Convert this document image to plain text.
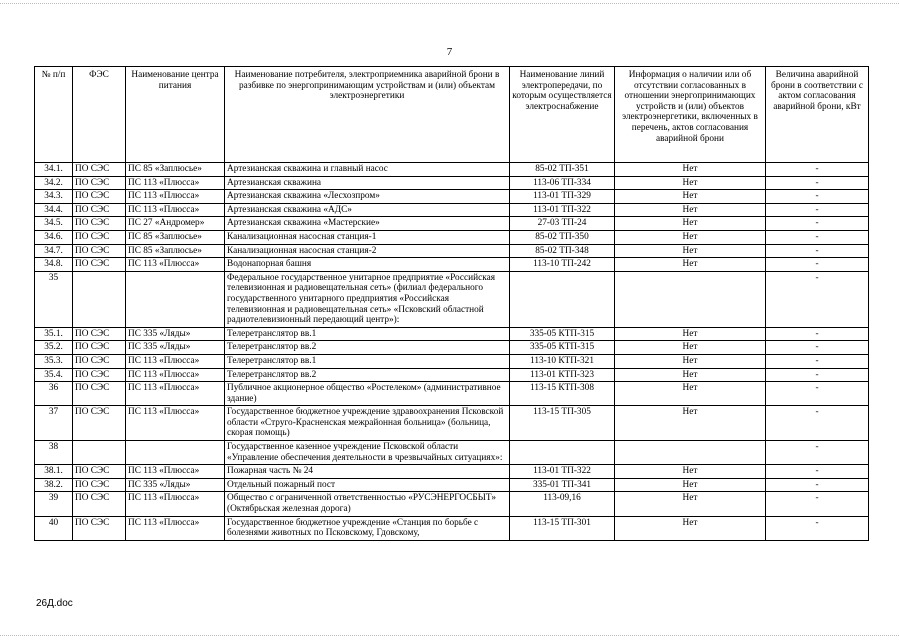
7
№ п/п	ФЭС	Наименование центра питания	Наименование потребителя, электроприемника аварийной брони в разбивке по энергопринимающим устройствам и (или) объектам электроэнергетики	Наименование линий электропередачи, по которым осуществляется электроснабжение	Информация о наличии или об отсутствии согласованных в отношении энергопринимающих устройств и (или) объектов электроэнергетики, включенных в перечень, актов согласования аварийной брони	Величина аварийной брони в соответствии с актом согласования аварийной брони, кВт
34.1.	ПО СЭС	ПС 85 «Заплюсье»	Артезианская скважина и главный насос	85-02 ТП-351	Нет	-
34.2.	ПО СЭС	ПС 113 «Плюсса»	Артезианская скважина	113-06 ТП-334	Нет	-
34.3.	ПО СЭС	ПС 113 «Плюсса»	Артезианская скважина «Лесхозпром»	113-01 ТП-329	Нет	-
34.4.	ПО СЭС	ПС 113 «Плюсса»	Артезианская скважина «АДС»	113-01 ТП-322	Нет	-
34.5.	ПО СЭС	ПС 27 «Андромер»	Артезианская скважина «Мастерские»	27-03 ТП-24	Нет	-
34.6.	ПО СЭС	ПС 85 «Заплюсье»	Канализационная насосная станция-1	85-02 ТП-350	Нет	-
34.7.	ПО СЭС	ПС 85 «Заплюсье»	Канализационная насосная станция-2	85-02 ТП-348	Нет	-
34.8.	ПО СЭС	ПС 113 «Плюсса»	Водонапорная башня	113-10 ТП-242	Нет	-
35			Федеральное государственное унитарное предприятие «Российская телевизионная и радиовещательная сеть» (филиал федерального государственного унитарного предприятия «Российская телевизионная и радиовещательная сеть» «Псковский областной радиотелевизионный передающий центр»):			-
35.1.	ПО СЭС	ПС 335 «Ляды»	Телеретранслятор вв.1	335-05 КТП-315	Нет	-
35.2.	ПО СЭС	ПС 335 «Ляды»	Телеретранслятор вв.2	335-05 КТП-315	Нет	-
35.3.	ПО СЭС	ПС 113 «Плюсса»	Телеретранслятор вв.1	113-10 КТП-321	Нет	-
35.4.	ПО СЭС	ПС 113 «Плюсса»	Телеретранслятор вв.2	113-01 КТП-323	Нет	-
36	ПО СЭС	ПС 113 «Плюсса»	Публичное акционерное общество «Ростелеком» (административное здание)	113-15 КТП-308	Нет	-
37	ПО СЭС	ПС 113 «Плюсса»	Государственное бюджетное учреждение здравоохранения Псковской области «Струго-Красненская межрайонная больница» (больница, скорая помощь)	113-15 ТП-305	Нет	-
38			Государственное казенное учреждение Псковской области «Управление обеспечения деятельности в чрезвычайных ситуациях»:			-
38.1.	ПО СЭС	ПС 113 «Плюсса»	Пожарная часть № 24	113-01 ТП-322	Нет	-
38.2.	ПО СЭС	ПС 335 «Ляды»	Отдельный пожарный пост	335-01 ТП-341	Нет	-
39	ПО СЭС	ПС 113 «Плюсса»	Общество с ограниченной ответственностью «РУСЭНЕРГОСБЫТ» (Октябрьская железная дорога)	113-09,16	Нет	-
40	ПО СЭС	ПС 113 «Плюсса»	Государственное бюджетное учреждение «Станция по борьбе с болезнями животных по Псковскому, Гдовскому,	113-15 ТП-301	Нет	-
26Д.doc
